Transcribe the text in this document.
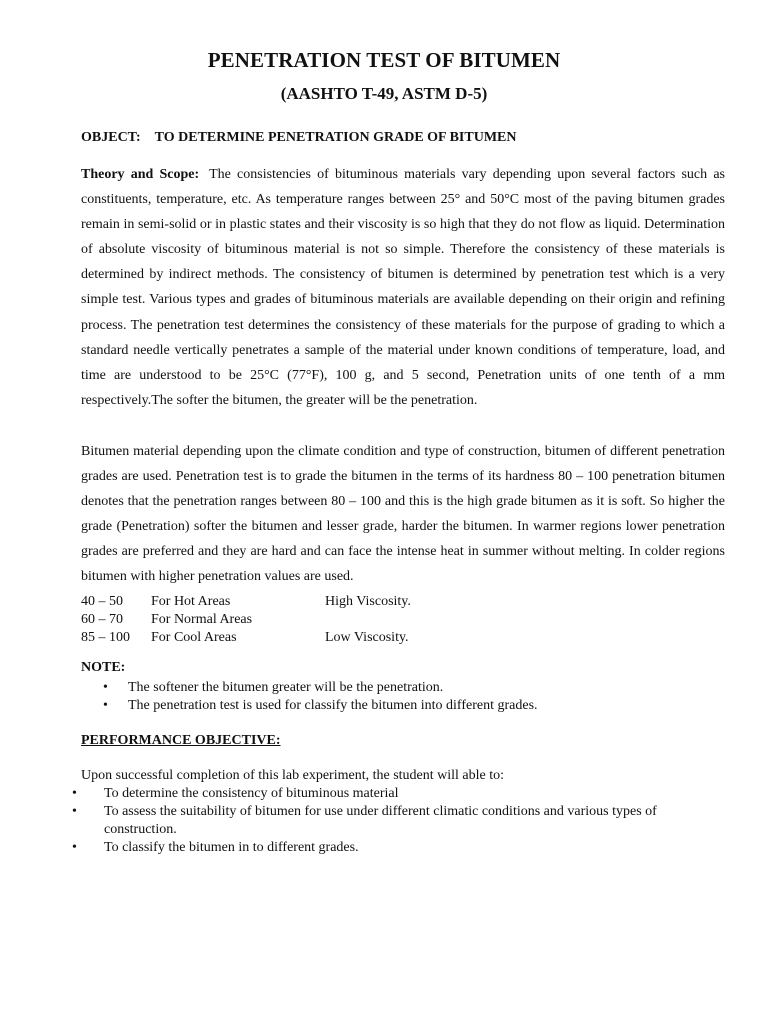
PENETRATION TEST OF BITUMEN
(AASHTO T-49, ASTM D-5)
OBJECT: TO DETERMINE PENETRATION GRADE OF BITUMEN
Theory and Scope: The consistencies of bituminous materials vary depending upon several factors such as constituents, temperature, etc. As temperature ranges between 25° and 50°C most of the paving bitumen grades remain in semi-solid or in plastic states and their viscosity is so high that they do not flow as liquid. Determination of absolute viscosity of bituminous material is not so simple. Therefore the consistency of these materials is determined by indirect methods. The consistency of bitumen is determined by penetration test which is a very simple test. Various types and grades of bituminous materials are available depending on their origin and refining process. The penetration test determines the consistency of these materials for the purpose of grading to which a standard needle vertically penetrates a sample of the material under known conditions of temperature, load, and time are understood to be 25°C (77°F), 100 g, and 5 second, Penetration units of one tenth of a mm respectively.The softer the bitumen, the greater will be the penetration.
Bitumen material depending upon the climate condition and type of construction, bitumen of different penetration grades are used. Penetration test is to grade the bitumen in the terms of its hardness 80 – 100 penetration bitumen denotes that the penetration ranges between 80 – 100 and this is the high grade bitumen as it is soft. So higher the grade (Penetration) softer the bitumen and lesser grade, harder the bitumen. In warmer regions lower penetration grades are preferred and they are hard and can face the intense heat in summer without melting. In colder regions bitumen with higher penetration values are used.
40 – 50 For Hot Areas	High Viscosity.
60 – 70 For Normal Areas
85 – 100 For Cool Areas	Low Viscosity.
NOTE:
• The softener the bitumen greater will be the penetration.
• The penetration test is used for classify the bitumen into different grades.
PERFORMANCE OBJECTIVE:
Upon successful completion of this lab experiment, the student will able to:
• To determine the consistency of bituminous material
• To assess the suitability of bitumen for use under different climatic conditions and various types of construction.
• To classify the bitumen in to different grades.
